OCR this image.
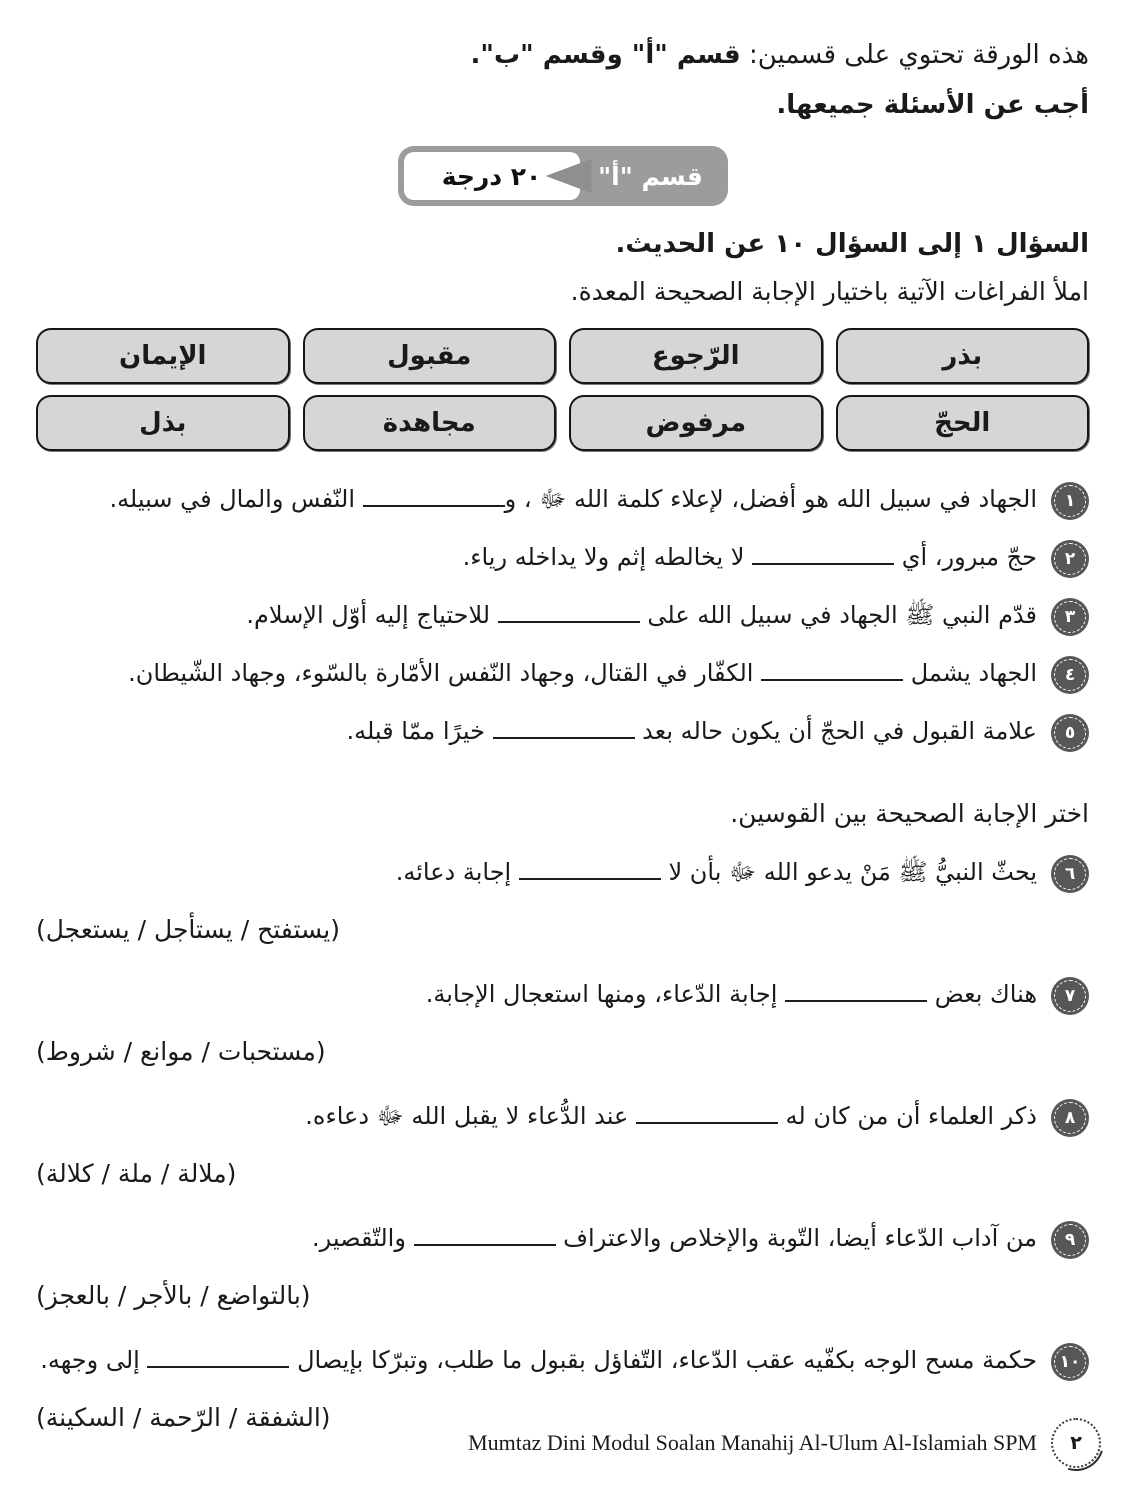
هذه الورقة تحتوي على قسمين: قسم "أ" وقسم "ب".

أجب عن الأسئلة جميعها.

قسم "أ"
٢٠ درجة

السؤال ١ إلى السؤال ١٠ عن الحديث.

املأ الفراغات الآتية باختيار الإجابة الصحيحة المعدة.

بذر
الرّجوع
مقبول
الإيمان
الحجّ
مرفوض
مجاهدة
بذل
١

الجهاد في سبيل الله هو أفضل، لإعلاء كلمة الله ﷻ ، و النّفس والمال في سبيله.

٢

حجّ مبرور، أي  لا يخالطه إثم ولا يداخله رياء.

٣

قدّم النبي ﷺ الجهاد في سبيل الله على  للاحتياج إليه أوّل الإسلام.

٤

الجهاد يشمل  الكفّار في القتال، وجهاد النّفس الأمّارة بالسّوء، وجهاد الشّيطان.

٥

علامة القبول في الحجّ أن يكون حاله بعد  خيرًا ممّا قبله.

اختر الإجابة الصحيحة بين القوسين.

٦

يحثّ النبيُّ ﷺ مَنْ يدعو الله ﷻ بأن لا  إجابة دعائه.

(يستفتح / يستأجل / يستعجل)

٧

هناك بعض  إجابة الدّعاء، ومنها استعجال الإجابة.

(مستحبات / موانع / شروط)

٨

ذكر العلماء أن من كان له  عند الدُّعاء لا يقبل الله ﷻ دعاءه.

(ملالة / ملة / كلالة)

٩

من آداب الدّعاء أيضا، التّوبة والإخلاص والاعتراف  والتّقصير.

(بالتواضع / بالأجر / بالعجز)

١٠

حكمة مسح الوجه بكفّيه عقب الدّعاء، التّفاؤل بقبول ما طلب، وتبرّكا بإيصال  إلى وجهه.

(الشفقة / الرّحمة / السكينة)

Mumtaz Dini Modul Soalan Manahij Al-Ulum Al-Islamiah SPM ٢
